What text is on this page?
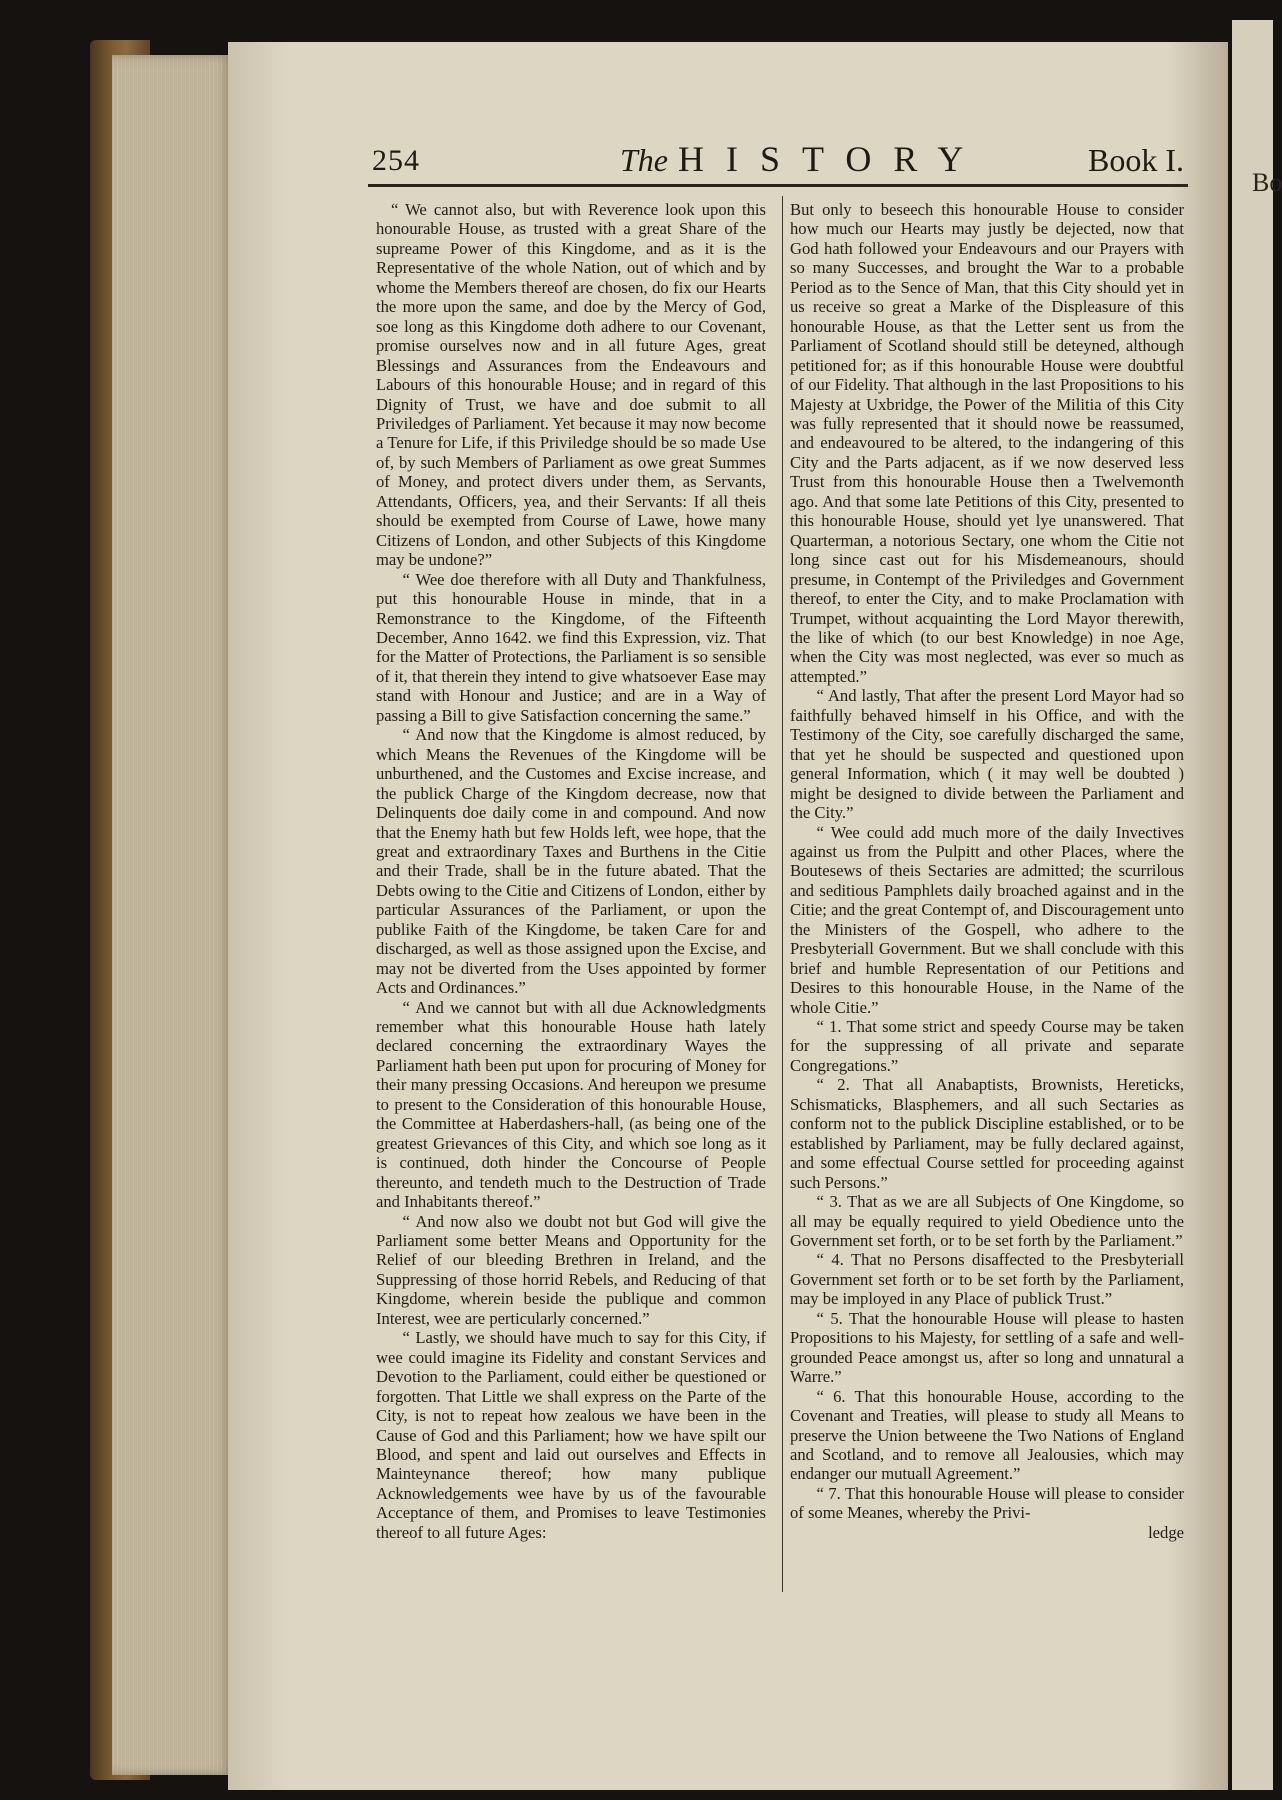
Bo
254	The HISTORY	Book I.

“ We cannot also, but with Reverence look upon this honourable House, as trusted with a great Share of the supreame Power of this Kingdome, and as it is the Representative of the whole Nation, out of which and by whome the Members thereof are chosen, do fix our Hearts the more upon the same, and doe by the Mercy of God, soe long as this Kingdome doth adhere to our Covenant, promise ourselves now and in all future Ages, great Blessings and Assurances from the Endeavours and Labours of this honourable House; and in regard of this Dignity of Trust, we have and doe submit to all Priviledges of Parliament. Yet because it may now become a Tenure for Life, if this Priviledge should be so made Use of, by such Members of Parliament as owe great Summes of Money, and protect divers under them, as Servants, Attendants, Officers, yea, and their Servants: If all theis should be exempted from Course of Lawe, howe many Citizens of London, and other Subjects of this Kingdome may be undone?”

“ Wee doe therefore with all Duty and Thankfulness, put this honourable House in minde, that in a Remonstrance to the Kingdome, of the Fifteenth December, Anno 1642. we find this Expression, viz. That for the Matter of Protections, the Parliament is so sensible of it, that therein they intend to give whatsoever Ease may stand with Honour and Justice; and are in a Way of passing a Bill to give Satisfaction concerning the same.”

“ And now that the Kingdome is almost reduced, by which Means the Revenues of the Kingdome will be unburthened, and the Customes and Excise increase, and the publick Charge of the Kingdom decrease, now that Delinquents doe daily come in and compound. And now that the Enemy hath but few Holds left, wee hope, that the great and extraordinary Taxes and Burthens in the Citie and their Trade, shall be in the future abated. That the Debts owing to the Citie and Citizens of London, either by particular Assurances of the Parliament, or upon the publike Faith of the Kingdome, be taken Care for and discharged, as well as those assigned upon the Excise, and may not be diverted from the Uses appointed by former Acts and Ordinances.”

“ And we cannot but with all due Acknowledgments remember what this honourable House hath lately declared concerning the extraordinary Wayes the Parliament hath been put upon for procuring of Money for their many pressing Occasions. And hereupon we presume to present to the Consideration of this honourable House, the Committee at Haberdashers-hall, (as being one of the greatest Grievances of this City, and which soe long as it is continued, doth hinder the Concourse of People thereunto, and tendeth much to the Destruction of Trade and Inhabitants thereof.”

“ And now also we doubt not but God will give the Parliament some better Means and Opportunity for the Relief of our bleeding Brethren in Ireland, and the Suppressing of those horrid Rebels, and Reducing of that Kingdome, wherein beside the publique and common Interest, wee are perticularly concerned.”

“ Lastly, we should have much to say for this City, if wee could imagine its Fidelity and constant Services and Devotion to the Parliament, could either be questioned or forgotten. That Little we shall express on the Parte of the City, is not to repeat how zealous we have been in the Cause of God and this Parliament; how we have spilt our Blood, and spent and laid out ourselves and Effects in Mainteynance thereof; how many publique Acknowledgements wee have by us of the favourable Acceptance of them, and Promises to leave Testimonies thereof to all future Ages:

But only to beseech this honourable House to consider how much our Hearts may justly be dejected, now that God hath followed your Endeavours and our Prayers with so many Successes, and brought the War to a probable Period as to the Sence of Man, that this City should yet in us receive so great a Marke of the Displeasure of this honourable House, as that the Letter sent us from the Parliament of Scotland should still be deteyned, although petitioned for; as if this honourable House were doubtful of our Fidelity. That although in the last Propositions to his Majesty at Uxbridge, the Power of the Militia of this City was fully represented that it should nowe be reassumed, and endeavoured to be altered, to the indangering of this City and the Parts adjacent, as if we now deserved less Trust from this honourable House then a Twelvemonth ago. And that some late Petitions of this City, presented to this honourable House, should yet lye unanswered. That Quarterman, a notorious Sectary, one whom the Citie not long since cast out for his Misdemeanours, should presume, in Contempt of the Priviledges and Government thereof, to enter the City, and to make Proclamation with Trumpet, without acquainting the Lord Mayor therewith, the like of which (to our best Knowledge) in noe Age, when the City was most neglected, was ever so much as attempted.”

“ And lastly, That after the present Lord Mayor had so faithfully behaved himself in his Office, and with the Testimony of the City, soe carefully discharged the same, that yet he should be suspected and questioned upon general Information, which ( it may well be doubted ) might be designed to divide between the Parliament and the City.”

“ Wee could add much more of the daily Invectives against us from the Pulpitt and other Places, where the Boutesews of theis Sectaries are admitted; the scurrilous and seditious Pamphlets daily broached against and in the Citie; and the great Contempt of, and Discouragement unto the Ministers of the Gospell, who adhere to the Presbyteriall Government. But we shall conclude with this brief and humble Representation of our Petitions and Desires to this honourable House, in the Name of the whole Citie.”

“ 1. That some strict and speedy Course may be taken for the suppressing of all private and separate Congregations.”

“ 2. That all Anabaptists, Brownists, Hereticks, Schismaticks, Blasphemers, and all such Sectaries as conform not to the publick Discipline established, or to be established by Parliament, may be fully declared against, and some effectual Course settled for proceeding against such Persons.”

“ 3. That as we are all Subjects of One Kingdome, so all may be equally required to yield Obedience unto the Government set forth, or to be set forth by the Parliament.”

“ 4. That no Persons disaffected to the Presbyteriall Government set forth or to be set forth by the Parliament, may be imployed in any Place of publick Trust.”

“ 5. That the honourable House will please to hasten Propositions to his Majesty, for settling of a safe and well-grounded Peace amongst us, after so long and unnatural a Warre.”

“ 6. That this honourable House, according to the Covenant and Treaties, will please to study all Means to preserve the Union betweene the Two Nations of England and Scotland, and to remove all Jealousies, which may endanger our mutuall Agreement.”

“ 7. That this honourable House will please to consider of some Meanes, whereby the Privi-

ledge
